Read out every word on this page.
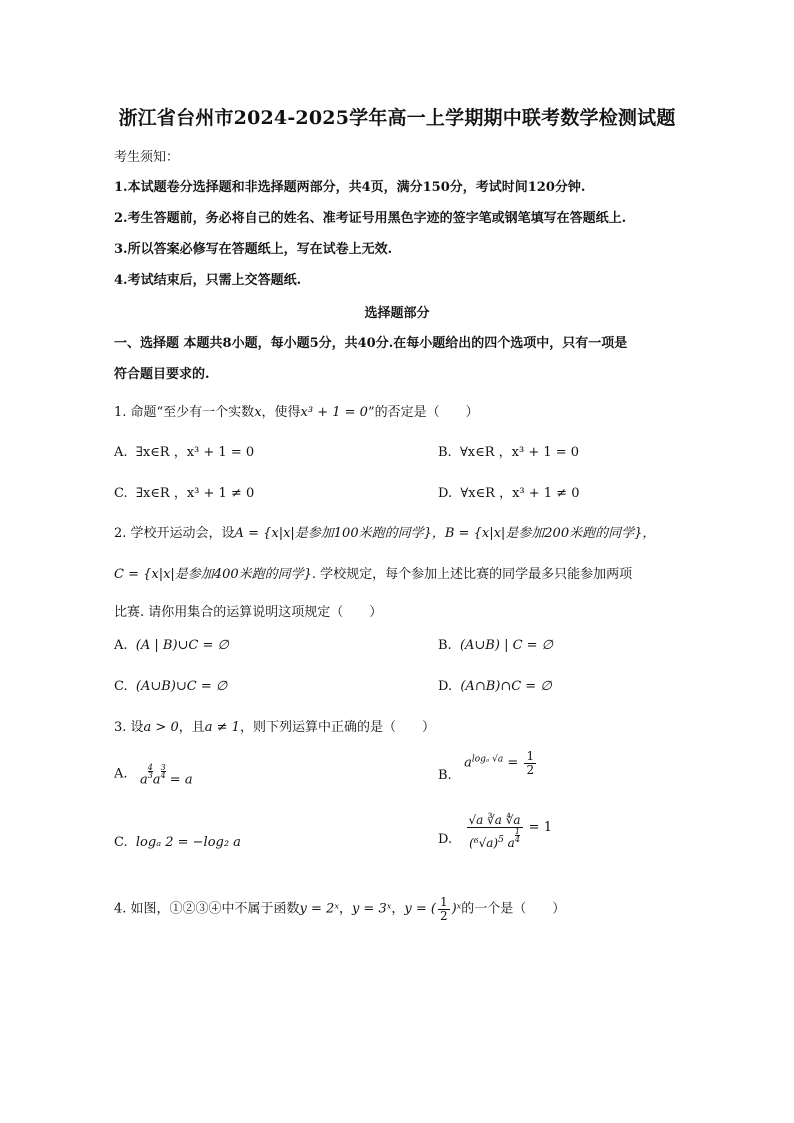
浙江省台州市2024-2025学年高一上学期期中联考数学检测试题
考生须知：
1.本试题卷分选择题和非选择题两部分，共4页，满分150分，考试时间120分钟.
2.考生答题前，务必将自己的姓名、准考证号用黑色字迹的签字笔或钢笔填写在答题纸上.
3.所以答案必修写在答题纸上，写在试卷上无效.
4.考试结束后，只需上交答题纸.
选择题部分
一、选择题 本题共8小题，每小题5分，共40分.在每小题给出的四个选项中，只有一项是
符合题目要求的.
1. 命题“至少有一个实数x，使得x³ + 1 = 0”的否定是（　　）
A. ∃x∈R ，x³ + 1 = 0	B. ∀x∈R ，x³ + 1 = 0
C. ∃x∈R ，x³ + 1 ≠ 0	D. ∀x∈R ，x³ + 1 ≠ 0
2. 学校开运动会，设A = {x|x|是参加100米跑的同学}，B = {x|x|是参加200米跑的同学}，
C = {x|x|是参加400米跑的同学}. 学校规定，每个参加上述比赛的同学最多只能参加两项
比赛. 请你用集合的运算说明这项规定（　　）
A. (A | B)∪C = ∅	B. (A∪B) | C = ∅
C. (A∪B)∪C = ∅	D. (A∩B)∩C = ∅
3. 设a > 0，且a ≠ 1，则下列运算中正确的是（　　）
A. a
$\frac{4}{3}$
a
$\frac{3}{4}$
= a	B.   $a^{log_a √a} = \frac{1}{2}$
C. logₐ 2 = −log₂ a	D. $\frac{√a ∛a ∜a}{(^6√a)^5 a \frac{1}{4}} = 1$
4. 如图，①②③④中不属于函数y = 2ˣ，y = 3ˣ，y = ( $\frac{1}{2}$ )ˣ的一个是（　　）
